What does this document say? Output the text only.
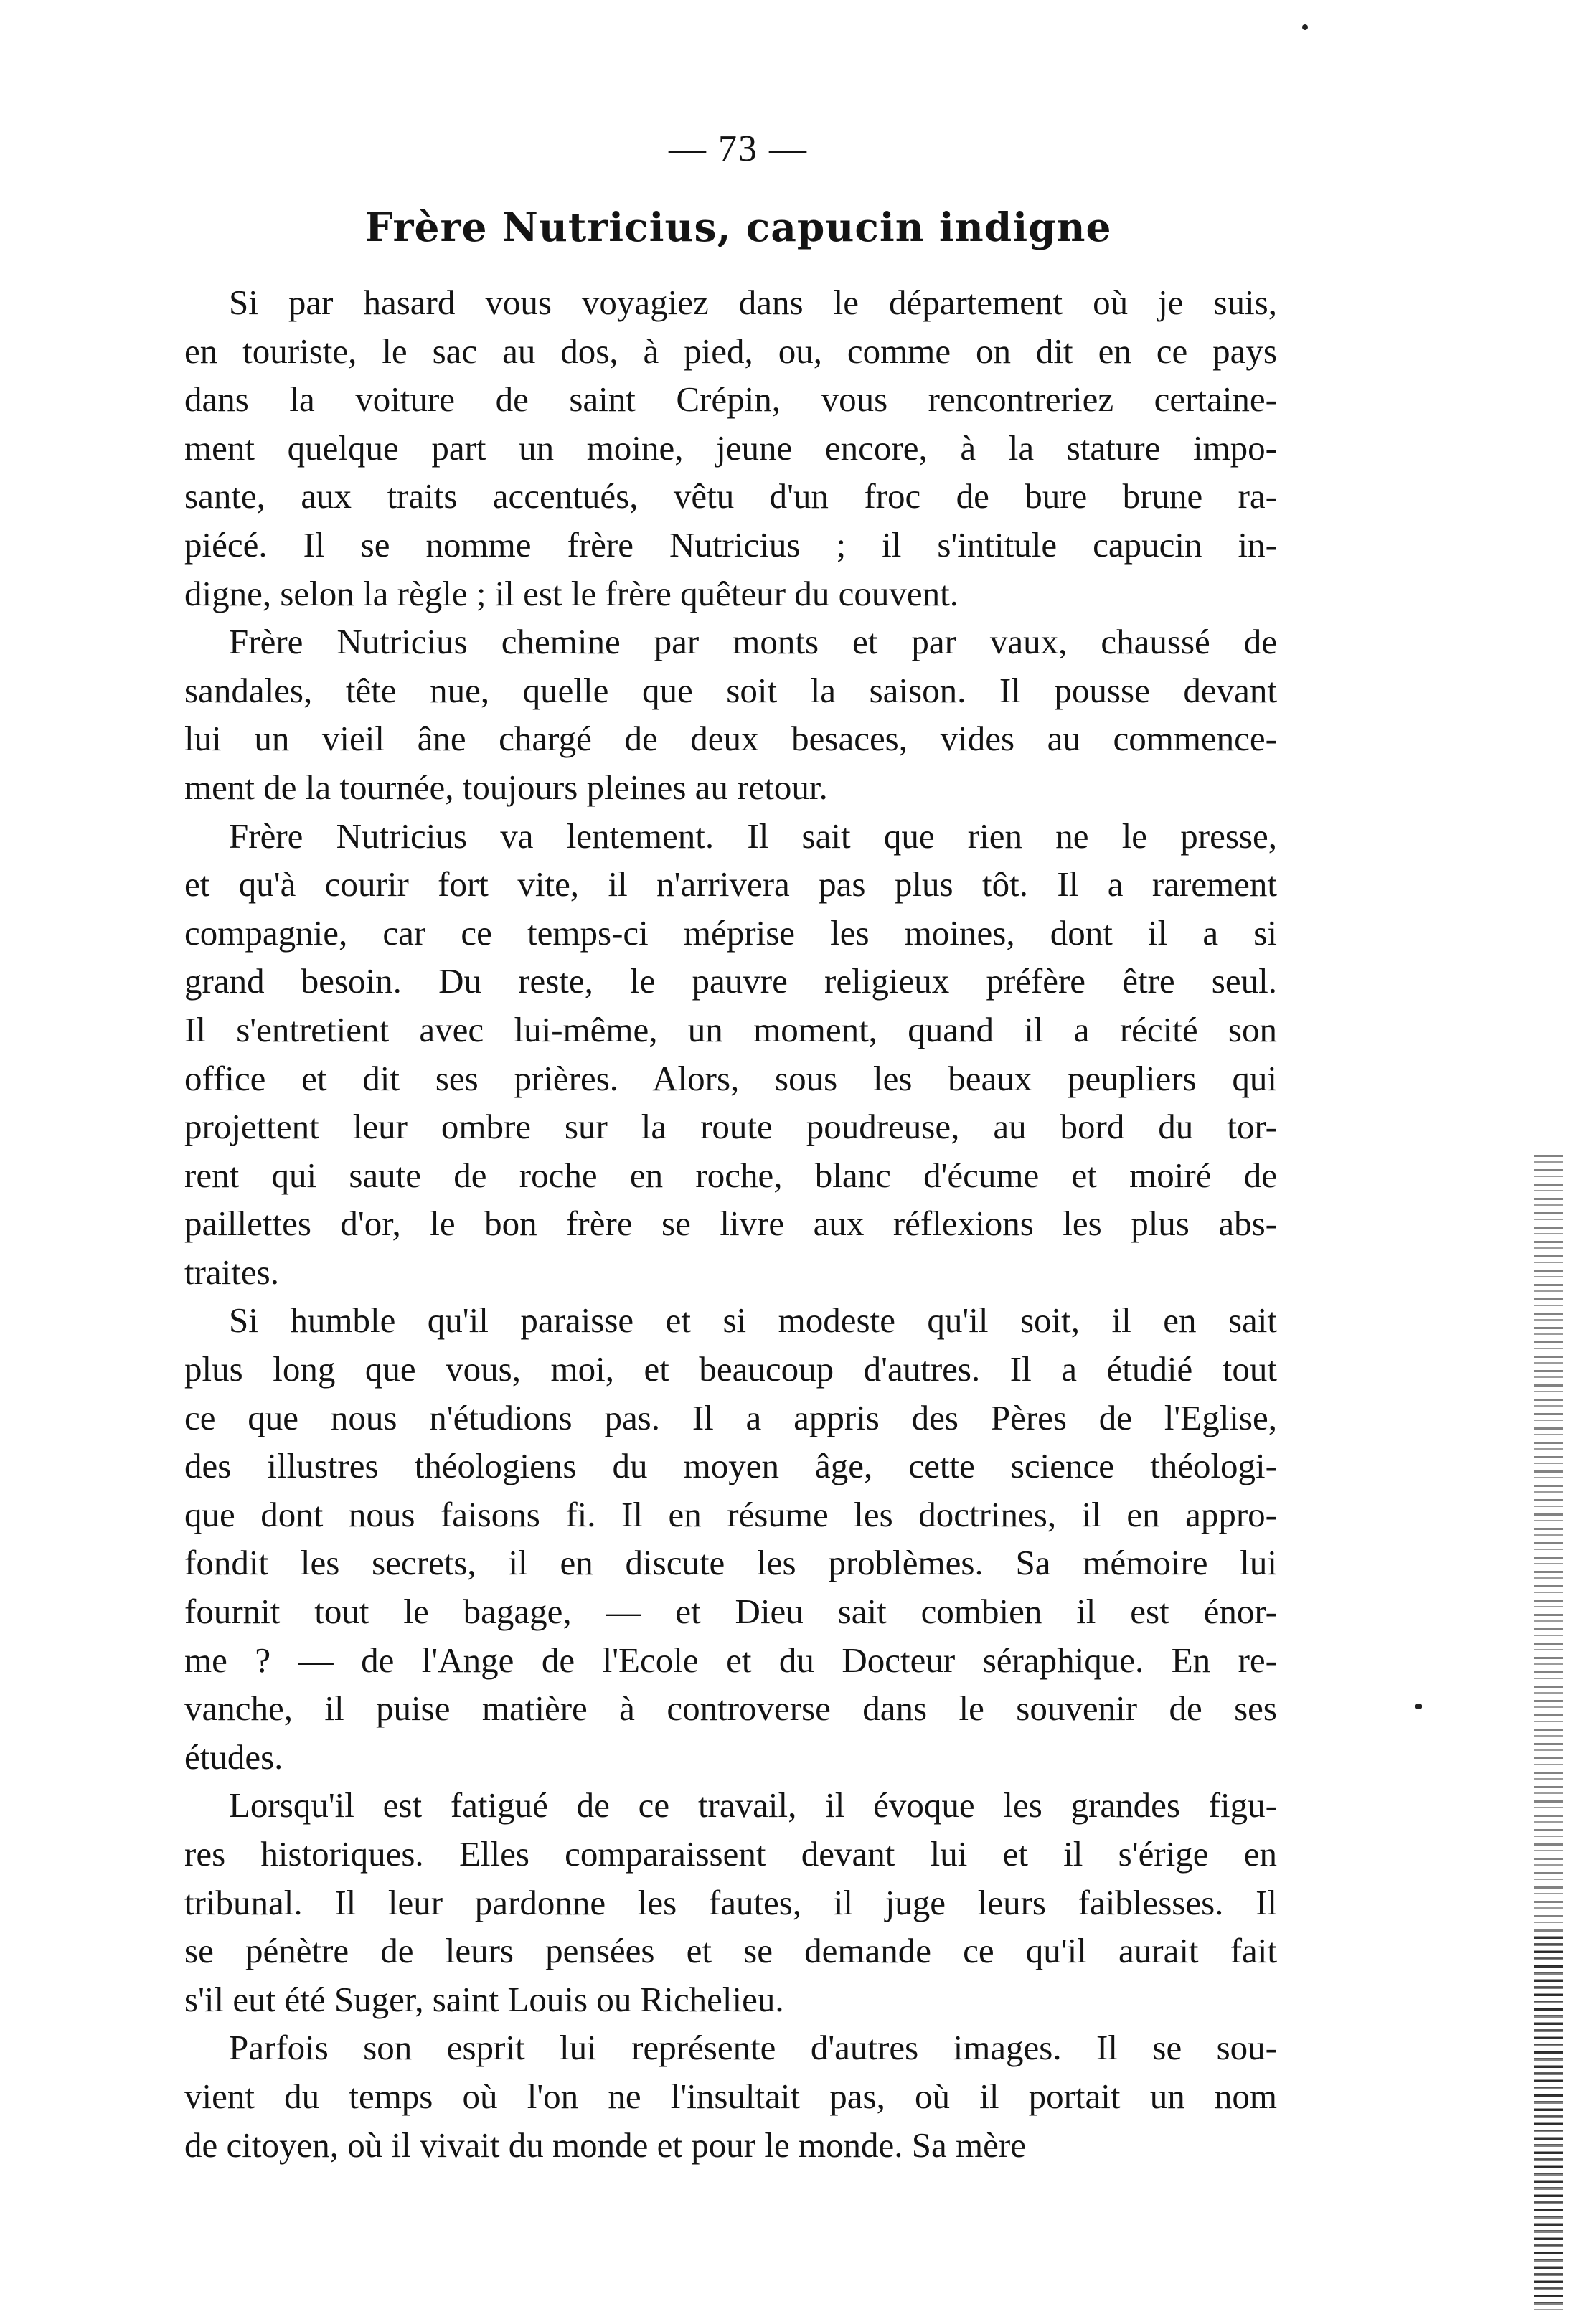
— 73 —
Frère Nutricius, capucin indigne
Si par hasard vous voyagiez dans le département où je suis,
en touriste, le sac au dos, à pied, ou, comme on dit en ce pays
dans la voiture de saint Crépin, vous rencontreriez certaine-
ment quelque part un moine, jeune encore, à la stature impo-
sante, aux traits accentués, vêtu d'un froc de bure brune ra-
piécé. Il se nomme frère Nutricius ; il s'intitule capucin in-
digne, selon la règle ; il est le frère quêteur du couvent.
Frère Nutricius chemine par monts et par vaux, chaussé de
sandales, tête nue, quelle que soit la saison. Il pousse devant
lui un vieil âne chargé de deux besaces, vides au commence-
ment de la tournée, toujours pleines au retour.
Frère Nutricius va lentement. Il sait que rien ne le presse,
et qu'à courir fort vite, il n'arrivera pas plus tôt. Il a rarement
compagnie, car ce temps-ci méprise les moines, dont il a si
grand besoin. Du reste, le pauvre religieux préfère être seul.
Il s'entretient avec lui-même, un moment, quand il a récité son
office et dit ses prières. Alors, sous les beaux peupliers qui
projettent leur ombre sur la route poudreuse, au bord du tor-
rent qui saute de roche en roche, blanc d'écume et moiré de
paillettes d'or, le bon frère se livre aux réflexions les plus abs-
traites.
Si humble qu'il paraisse et si modeste qu'il soit, il en sait
plus long que vous, moi, et beaucoup d'autres. Il a étudié tout
ce que nous n'étudions pas. Il a appris des Pères de l'Eglise,
des illustres théologiens du moyen âge, cette science théologi-
que dont nous faisons fi. Il en résume les doctrines, il en appro-
fondit les secrets, il en discute les problèmes. Sa mémoire lui
fournit tout le bagage, — et Dieu sait combien il est énor-
me ? — de l'Ange de l'Ecole et du Docteur séraphique. En re-
vanche, il puise matière à controverse dans le souvenir de ses
études.
Lorsqu'il est fatigué de ce travail, il évoque les grandes figu-
res historiques. Elles comparaissent devant lui et il s'érige en
tribunal. Il leur pardonne les fautes, il juge leurs faiblesses. Il
se pénètre de leurs pensées et se demande ce qu'il aurait fait
s'il eut été Suger, saint Louis ou Richelieu.
Parfois son esprit lui représente d'autres images. Il se sou-
vient du temps où l'on ne l'insultait pas, où il portait un nom
de citoyen, où il vivait du monde et pour le monde. Sa mère
